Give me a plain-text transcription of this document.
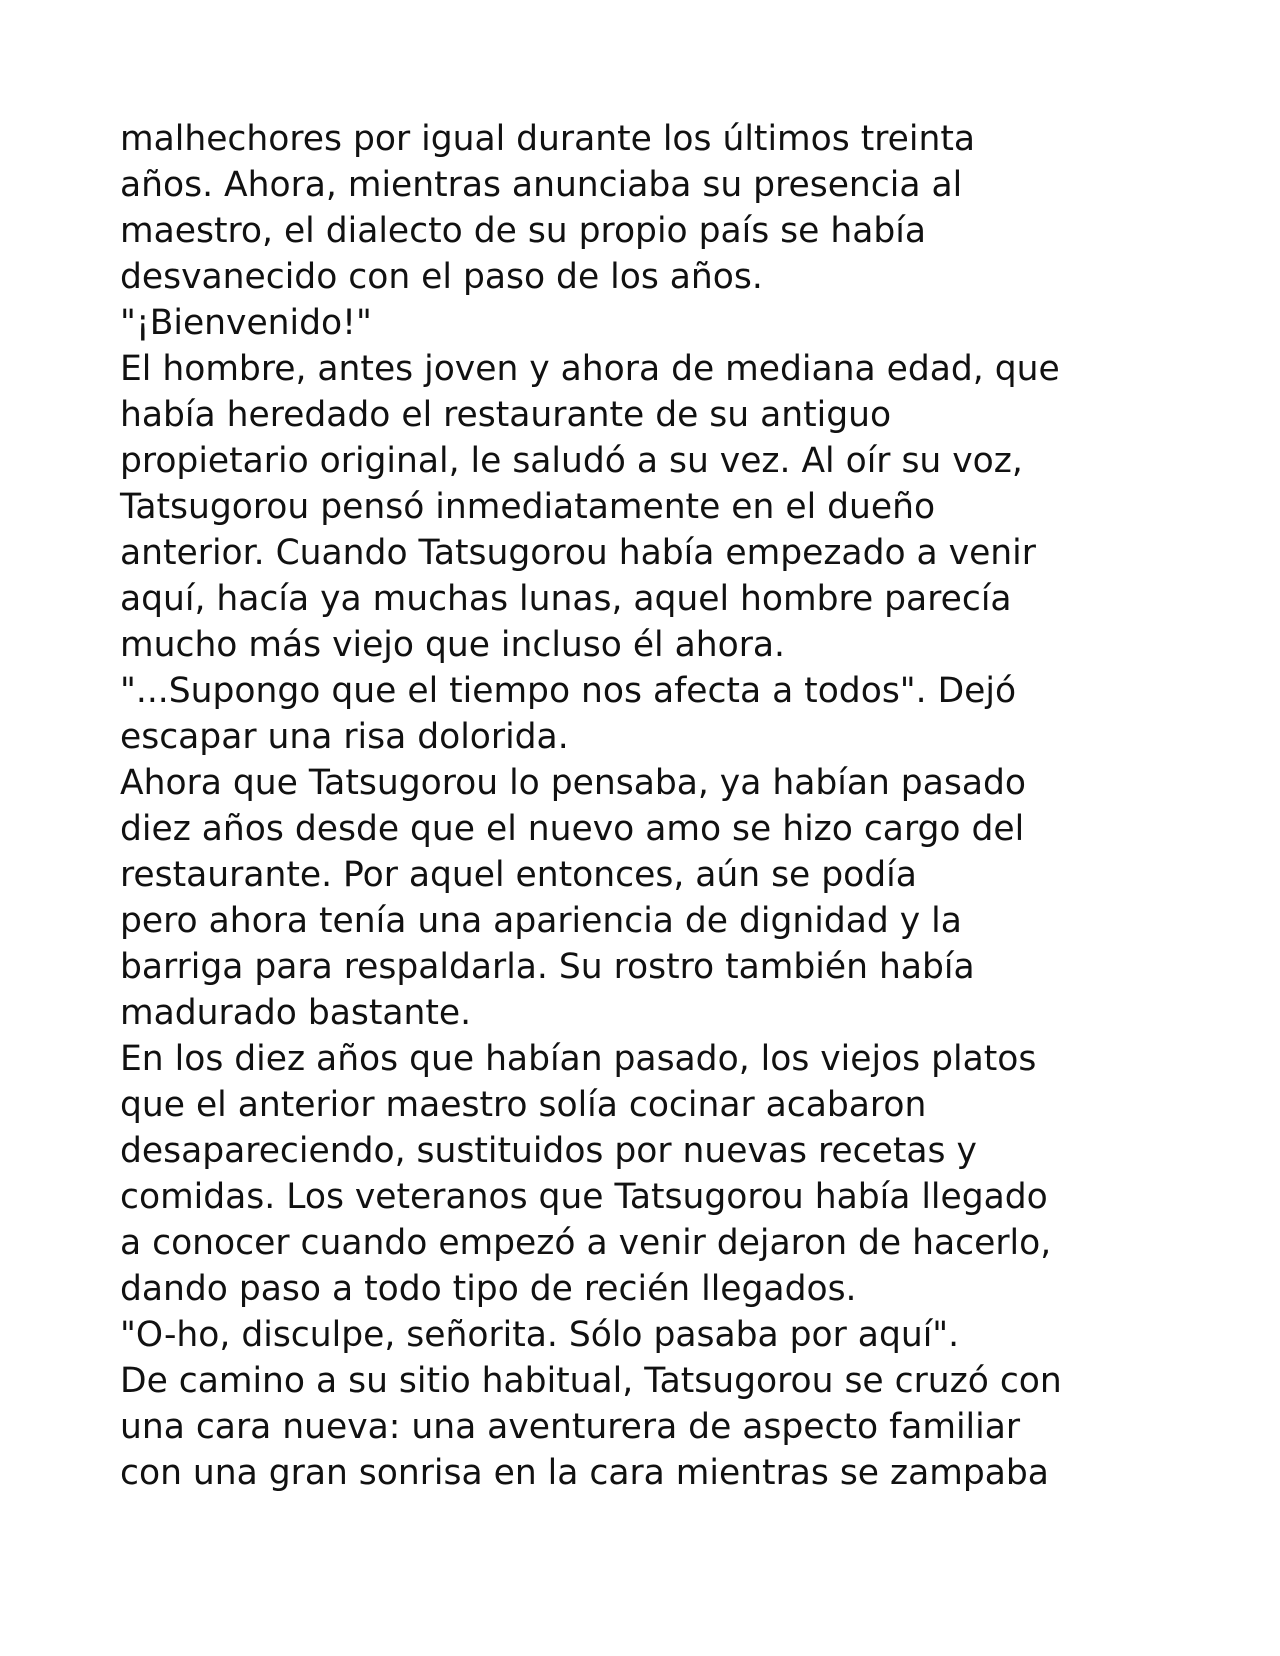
malhechores por igual durante los últimos treinta
años. Ahora, mientras anunciaba su presencia al
maestro, el dialecto de su propio país se había
desvanecido con el paso de los años.
"¡Bienvenido!"
El hombre, antes joven y ahora de mediana edad, que
había heredado el restaurante de su antiguo
propietario original, le saludó a su vez. Al oír su voz,
Tatsugorou pensó inmediatamente en el dueño
anterior. Cuando Tatsugorou había empezado a venir
aquí, hacía ya muchas lunas, aquel hombre parecía
mucho más viejo que incluso él ahora.
"...Supongo que el tiempo nos afecta a todos". Dejó
escapar una risa dolorida.
Ahora que Tatsugorou lo pensaba, ya habían pasado
diez años desde que el nuevo amo se hizo cargo del
restaurante. Por aquel entonces, aún se podía
pero ahora tenía una apariencia de dignidad y la
barriga para respaldarla. Su rostro también había
madurado bastante.
En los diez años que habían pasado, los viejos platos
que el anterior maestro solía cocinar acabaron
desapareciendo, sustituidos por nuevas recetas y
comidas. Los veteranos que Tatsugorou había llegado
a conocer cuando empezó a venir dejaron de hacerlo,
dando paso a todo tipo de recién llegados.
"O-ho, disculpe, señorita. Sólo pasaba por aquí".
De camino a su sitio habitual, Tatsugorou se cruzó con
una cara nueva: una aventurera de aspecto familiar
con una gran sonrisa en la cara mientras se zampaba
